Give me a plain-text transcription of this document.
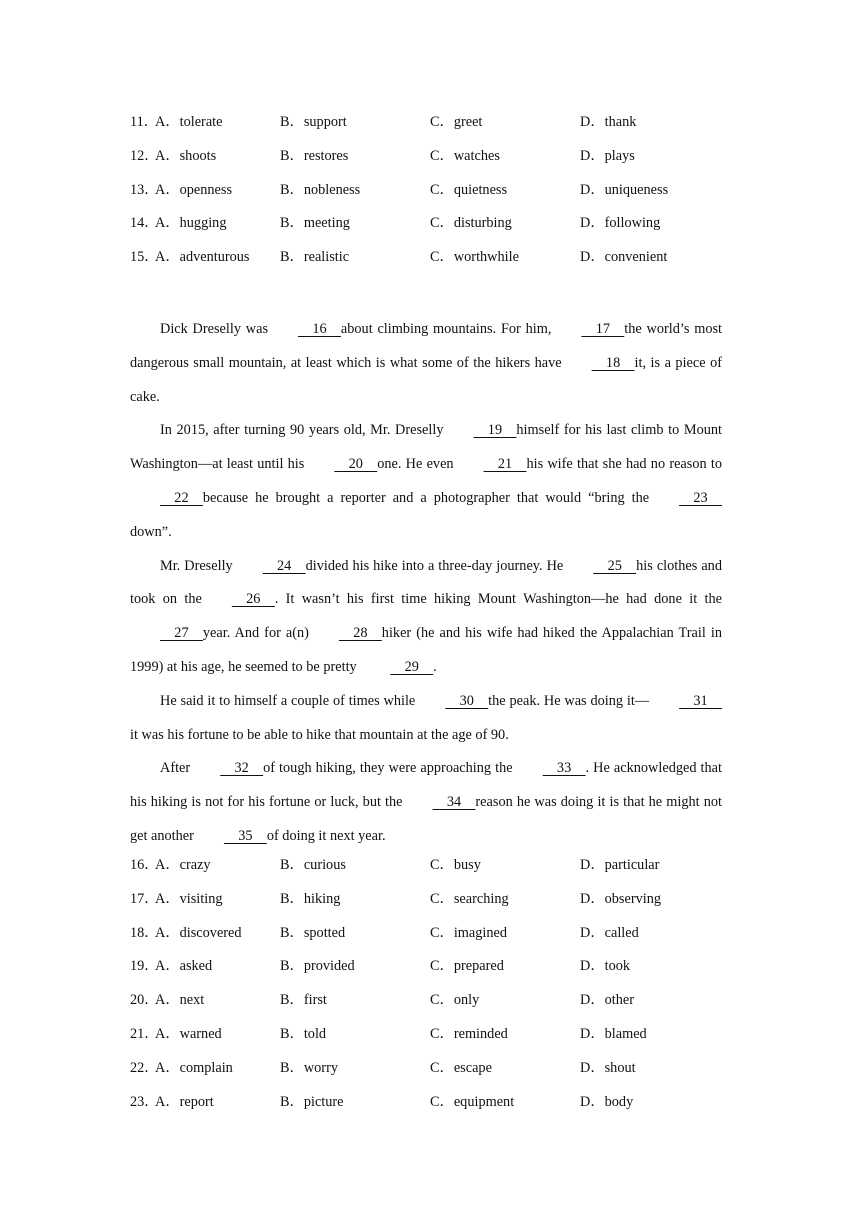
11．
A．tolerate	B．support	C．greet	D．thank
12．
A．shoots	B．restores	C．watches	D．plays
13．
A．openness	B．nobleness	C．quietness	D．uniqueness
14．
A．hugging	B．meeting	C．disturbing	D．following
15．
A．adventurous B．realistic	C．worthwhile	D．convenient

Dick Dreselly was    16    about climbing mountains. For him,    17    the world’s most dangerous small mountain, at least which is what some of the hikers have    18    it, is a piece of cake.

In 2015, after turning 90 years old, Mr. Dreselly    19    himself for his last climb to Mount Washington—at least until his    20    one. He even    21    his wife that she had no reason to    22    because he brought a reporter and a photographer that would “bring the    23    down”.

Mr. Dreselly    24    divided his hike into a three-day journey. He    25    his clothes and took on the    26    . It wasn’t his first time hiking Mount Washington—he had done it the     27    year. And for a(n)    28    hiker (he and his wife had hiked the Appalachian Trail in 1999) at his age, he seemed to be pretty     29    .

He said it to himself a couple of times while    30    the peak. He was doing it—    31    it was his fortune to be able to hike that mountain at the age of 90.

After    32    of tough hiking, they were approaching the    33    . He acknowledged that his hiking is not for his fortune or luck, but the    34    reason he was doing it is that he might not get another    35    of doing it next year.

16．
A．crazy	B．curious	C．busy	D．particular
17．
A．visiting	B．hiking	C．searching	D．observing
18．
A．discovered	B．spotted	C．imagined	D．called
19．
A．asked	B．provided	C．prepared	D．took
20．
A．next	B．first	C．only	D．other
21．
A．warned	B．told	C．reminded	D．blamed
22．
A．complain	B．worry	C．escape	D．shout
23．
A．report	B．picture	C．equipment	D．body
